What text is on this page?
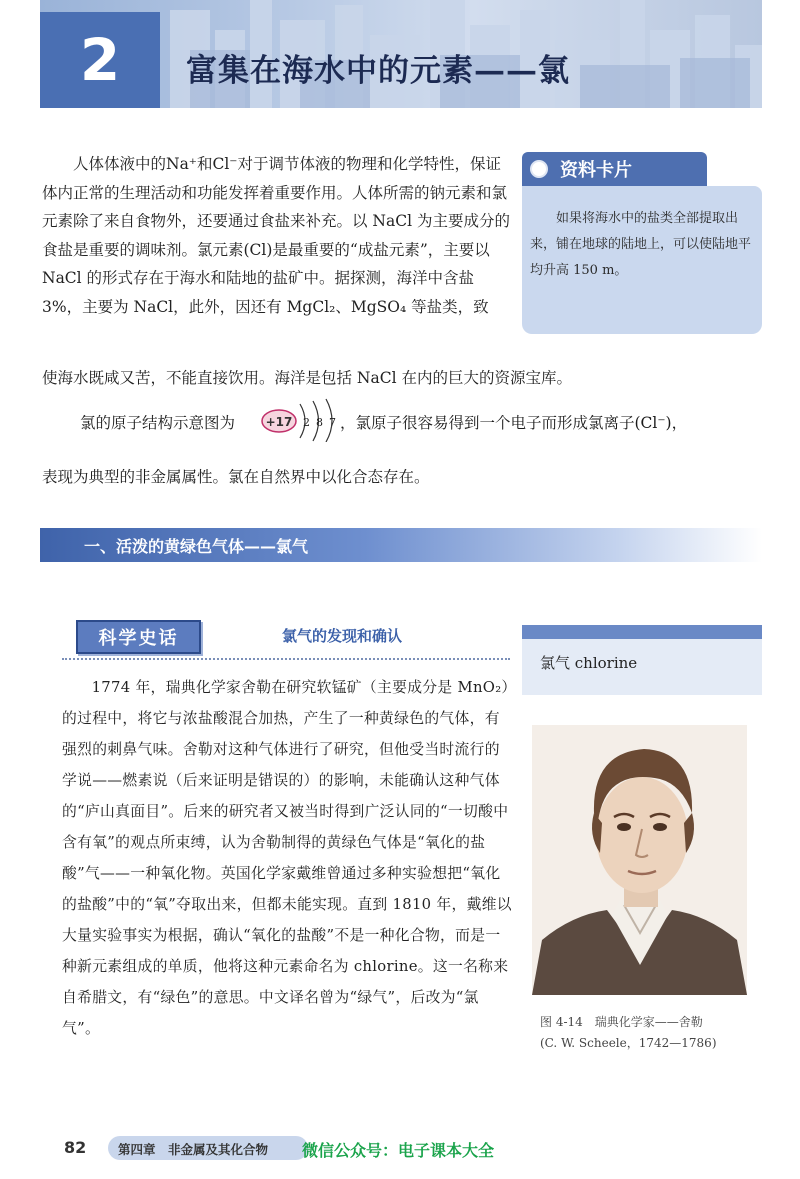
2	富集在海水中的元素——氯
人体体液中的Na⁺和Cl⁻对于调节体液的物理和化学特性，保证体内正常的生理活动和功能发挥着重要作用。人体所需的钠元素和氯元素除了来自食物外，还要通过食盐来补充。以 NaCl 为主要成分的食盐是重要的调味剂。氯元素(Cl)是最重要的“成盐元素”，主要以 NaCl 的形式存在于海水和陆地的盐矿中。据探测，海洋中含盐 3%，主要为 NaCl，此外，因还有 MgCl₂、MgSO₄ 等盐类，致
使海水既咸又苦，不能直接饮用。海洋是包括 NaCl 在内的巨大的资源宝库。
资料卡片
如果将海水中的盐类全部提取出来，铺在地球的陆地上，可以使陆地平均升高 150 m。
氯的原子结构示意图为	+17 2 8 7 ，氯原子很容易得到一个电子而形成氯离子(Cl⁻)，
表现为典型的非金属属性。氯在自然界中以化合态存在。
一、活泼的黄绿色气体——氯气
科学史话	氯气的发现和确认
1774 年，瑞典化学家舍勒在研究软锰矿（主要成分是 MnO₂）的过程中，将它与浓盐酸混合加热，产生了一种黄绿色的气体，有强烈的刺鼻气味。舍勒对这种气体进行了研究，但他受当时流行的学说——燃素说（后来证明是错误的）的影响，未能确认这种气体的“庐山真面目”。后来的研究者又被当时得到广泛认同的“一切酸中含有氧”的观点所束缚，认为舍勒制得的黄绿色气体是“氧化的盐酸”气——一种氧化物。英国化学家戴维曾通过多种实验想把“氧化的盐酸”中的“氧”夺取出来，但都未能实现。直到 1810 年，戴维以大量实验事实为根据，确认“氧化的盐酸”不是一种化合物，而是一种新元素组成的单质，他将这种元素命名为 chlorine。这一名称来自希腊文，有“绿色”的意思。中文译名曾为“绿气”，后改为“氯气”。
氯气 chlorine
图 4-14　瑞典化学家——舍勒
(C. W. Scheele，1742—1786)
82	第四章　非金属及其化合物 微信公众号：电子课本大全
